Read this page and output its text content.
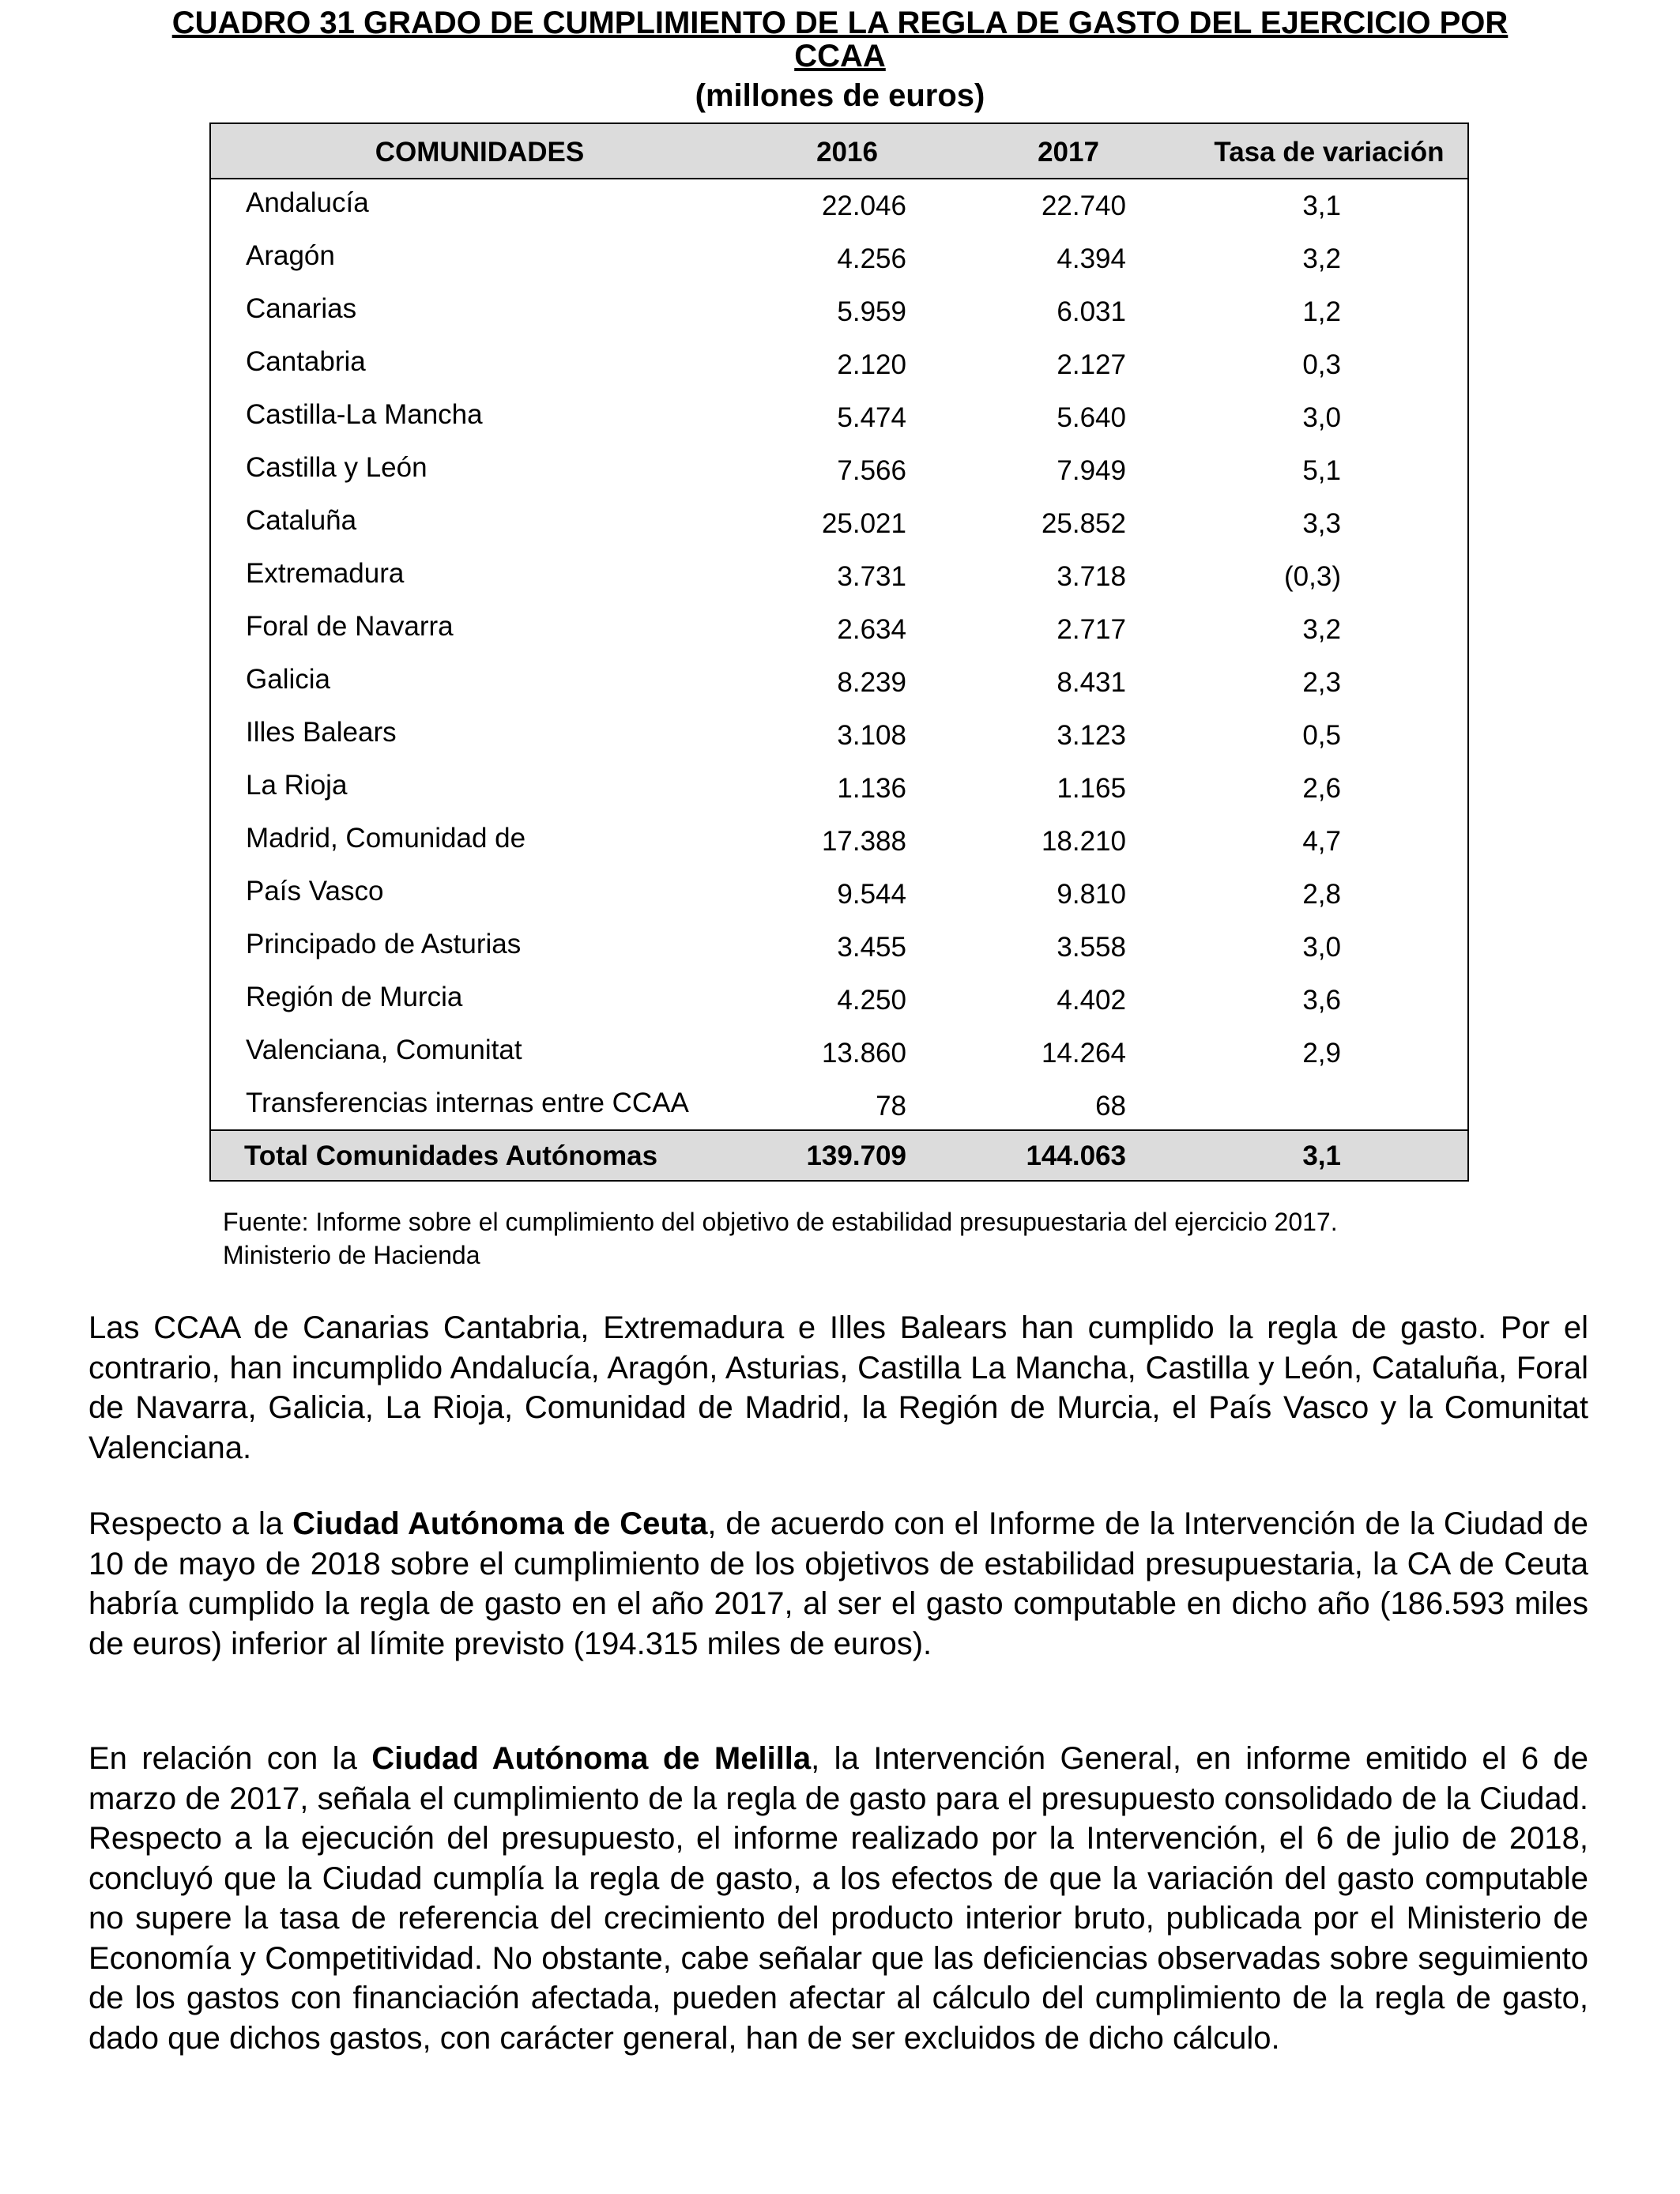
CUADRO 31 GRADO DE CUMPLIMIENTO DE LA REGLA DE GASTO DEL EJERCICIO POR
CCAA
(millones de euros)
COMUNIDADES	2016	2017	Tasa de variación
Andalucía	22.046	22.740	3,1
Aragón	4.256	4.394	3,2
Canarias	5.959	6.031	1,2
Cantabria	2.120	2.127	0,3
Castilla-La Mancha	5.474	5.640	3,0
Castilla y León	7.566	7.949	5,1
Cataluña	25.021	25.852	3,3
Extremadura	3.731	3.718	(0,3)
Foral de Navarra	2.634	2.717	3,2
Galicia	8.239	8.431	2,3
Illes Balears	3.108	3.123	0,5
La Rioja	1.136	1.165	2,6
Madrid, Comunidad de	17.388	18.210	4,7
País Vasco	9.544	9.810	2,8
Principado de Asturias	3.455	3.558	3,0
Región de Murcia	4.250	4.402	3,6
Valenciana, Comunitat	13.860	14.264	2,9
Transferencias internas entre CCAA	78	68
Total Comunidades Autónomas	139.709	144.063	3,1
Fuente: Informe sobre el cumplimiento del objetivo de estabilidad presupuestaria del ejercicio 2017.
Ministerio de Hacienda
Las CCAA de Canarias Cantabria, Extremadura e Illes Balears han cumplido la regla de gasto. Por el contrario, han incumplido Andalucía, Aragón, Asturias, Castilla La Mancha, Castilla y León, Cataluña, Foral de Navarra, Galicia, La Rioja, Comunidad de Madrid, la Región de Murcia, el País Vasco y la Comunitat Valenciana.
Respecto a la Ciudad Autónoma de Ceuta, de acuerdo con el Informe de la Intervención de la Ciudad de 10 de mayo de 2018 sobre el cumplimiento de los objetivos de estabilidad presupuestaria, la CA de Ceuta habría cumplido la regla de gasto en el año 2017, al ser el gasto computable en dicho año (186.593 miles de euros) inferior al límite previsto (194.315 miles de euros).
En relación con la Ciudad Autónoma de Melilla, la Intervención General, en informe emitido el 6 de marzo de 2017, señala el cumplimiento de la regla de gasto para el presupuesto consolidado de la Ciudad. Respecto a la ejecución del presupuesto, el informe realizado por la Intervención, el 6 de julio de 2018, concluyó que la Ciudad cumplía la regla de gasto, a los efectos de que la variación del gasto computable no supere la tasa de referencia del crecimiento del producto interior bruto, publicada por el Ministerio de Economía y Competitividad. No obstante, cabe señalar que las deficiencias observadas sobre seguimiento de los gastos con financiación afectada, pueden afectar al cálculo del cumplimiento de la regla de gasto, dado que dichos gastos, con carácter general, han de ser excluidos de dicho cálculo.
